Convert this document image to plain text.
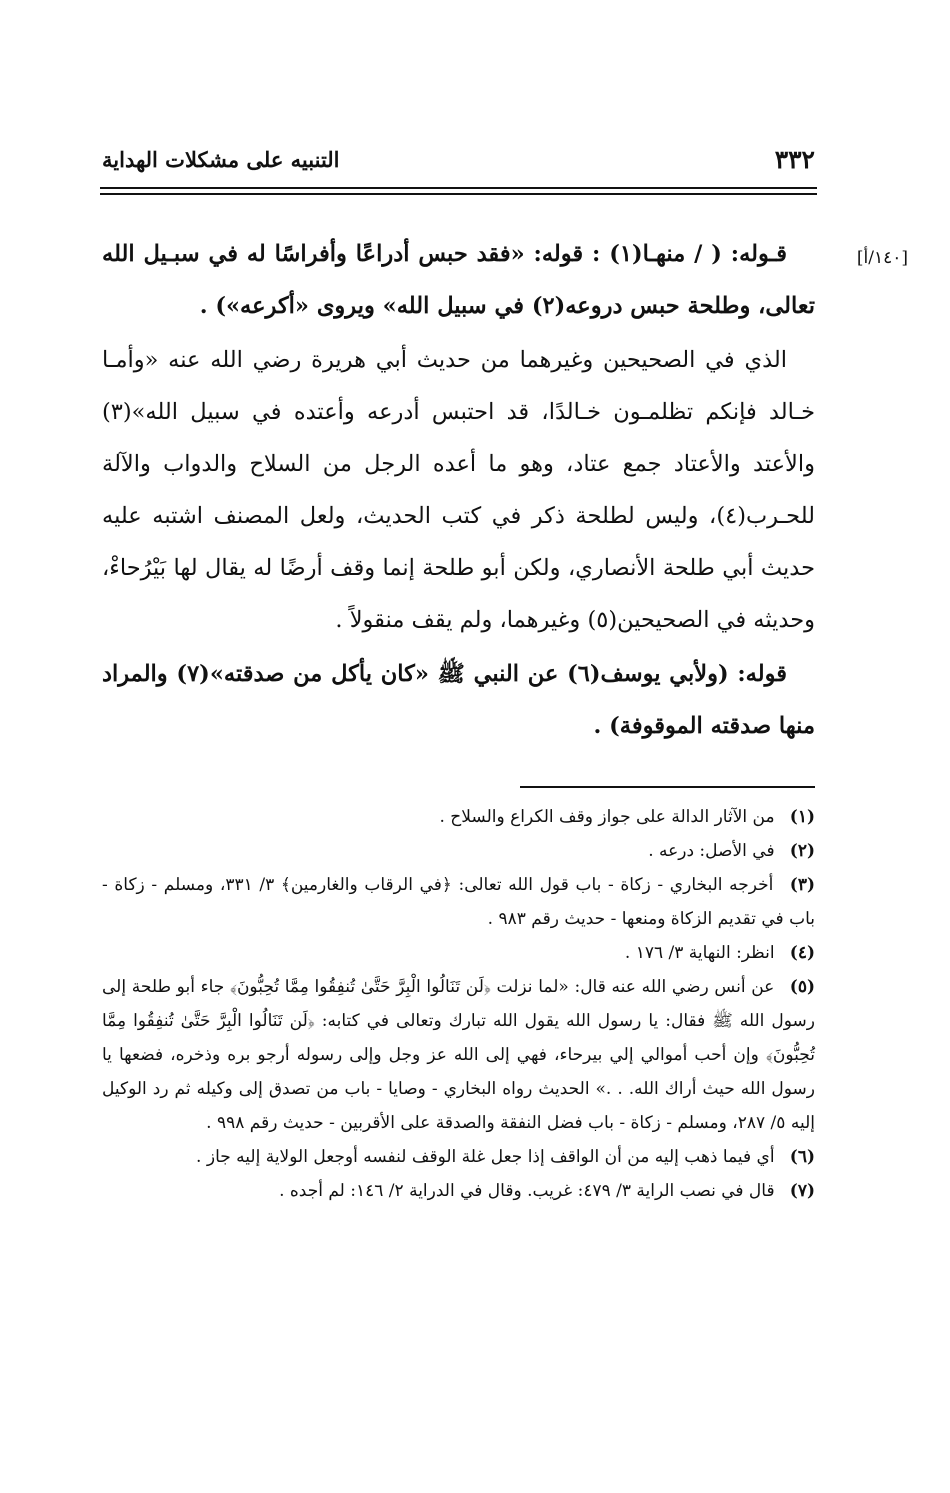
٣٣٢
التنبيه على مشكلات الهداية
[١٤٠/أ]

قـوله: ( / منهـا(١) : قوله: «فقد حبس أدراعًا وأفراسًا له في سبـيل الله تعالى، وطلحة حبس دروعه(٢) في سبيل الله» ويروى «أكرعه») .

الذي في الصحيحين وغيرهما من حديث أبي هريرة رضي الله عنه «وأمـا خـالد فإنكم تظلمـون خـالدًا، قد احتبس أدرعه وأعتده في سبيل الله»(٣) والأعتد والأعتاد جمع عتاد، وهو ما أعده الرجل من السلاح والدواب والآلة للحـرب(٤)، وليس لطلحة ذكر في كتب الحديث، ولعل المصنف اشتبه عليه حديث أبي طلحة الأنصاري، ولكن أبو طلحة إنما وقف أرضًا له يقال لها بَيْرُحاءْ، وحديثه في الصحيحين(٥) وغيرهما، ولم يقف منقولاً .

قوله: (ولأبي يوسف(٦) عن النبي ﷺ «كان يأكل من صدقته»(٧) والمراد منها صدقته الموقوفة) .

(١) من الآثار الدالة على جواز وقف الكراع والسلاح .

(٢) في الأصل: درعه .

(٣) أخرجه البخاري - زكاة - باب قول الله تعالى: ﴿في الرقاب والغارمين﴾ ٣/ ٣٣١، ومسلم - زكاة - باب في تقديم الزكاة ومنعها - حديث رقم ٩٨٣ .

(٤) انظر: النهاية ٣/ ١٧٦ .

(٥) عن أنس رضي الله عنه قال: «لما نزلت ﴿لَن تَنَالُوا الْبِرَّ حَتَّىٰ تُنفِقُوا مِمَّا تُحِبُّونَ﴾ جاء أبو طلحة إلى رسول الله ﷺ فقال: يا رسول الله يقول الله تبارك وتعالى في كتابه: ﴿لَن تَنَالُوا الْبِرَّ حَتَّىٰ تُنفِقُوا مِمَّا تُحِبُّونَ﴾ وإن أحب أموالي إلي بيرحاء، فهي إلى الله عز وجل وإلى رسوله أرجو بره وذخره، فضعها يا رسول الله حيث أراك الله. . .» الحديث رواه البخاري - وصايا - باب من تصدق إلى وكيله ثم رد الوكيل إليه ٥/ ٢٨٧، ومسلم - زكاة - باب فضل النفقة والصدقة على الأقربين - حديث رقم ٩٩٨ .

(٦) أي فيما ذهب إليه من أن الواقف إذا جعل غلة الوقف لنفسه أوجعل الولاية إليه جاز .

(٧) قال في نصب الراية ٣/ ٤٧٩: غريب. وقال في الدراية ٢/ ١٤٦: لم أجده .
